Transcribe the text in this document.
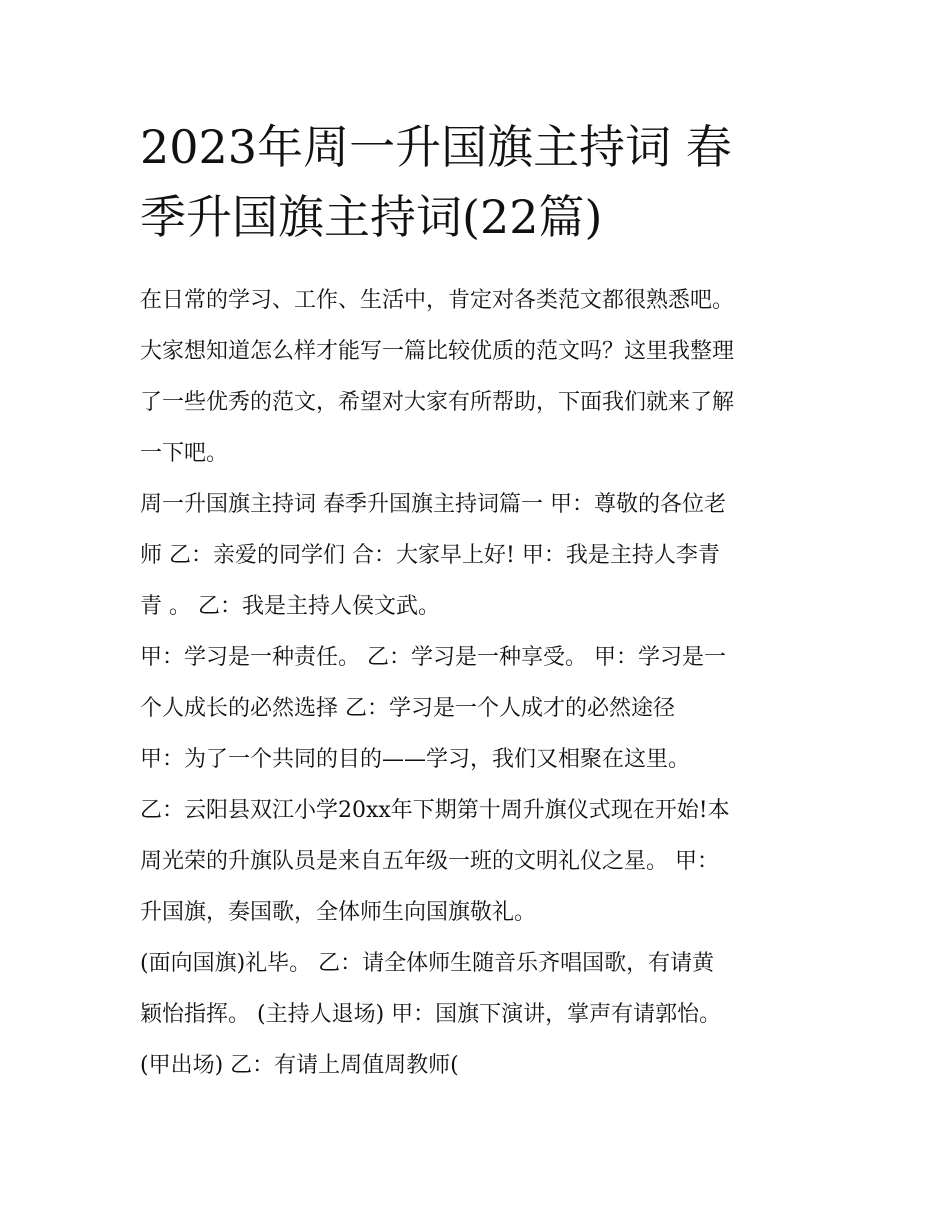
2023年周一升国旗主持词 春
季升国旗主持词(22篇)
在日常的学习、工作、生活中，肯定对各类范文都很熟悉吧。
大家想知道怎么样才能写一篇比较优质的范文吗？这里我整理
了一些优秀的范文，希望对大家有所帮助，下面我们就来了解
一下吧。
周一升国旗主持词 春季升国旗主持词篇一 甲：尊敬的各位老
师 乙：亲爱的同学们 合：大家早上好! 甲：我是主持人李青
青 。 乙：我是主持人侯文武。
甲：学习是一种责任。 乙：学习是一种享受。 甲：学习是一
个人成长的必然选择 乙：学习是一个人成才的必然途径
甲：为了一个共同的目的——学习，我们又相聚在这里。
乙：云阳县双江小学20xx年下期第十周升旗仪式现在开始!本
周光荣的升旗队员是来自五年级一班的文明礼仪之星。 甲：
升国旗，奏国歌，全体师生向国旗敬礼。
(面向国旗)礼毕。 乙：请全体师生随音乐齐唱国歌，有请黄
颖怡指挥。 (主持人退场) 甲：国旗下演讲，掌声有请郭怡。
(甲出场) 乙：有请上周值周教师(
